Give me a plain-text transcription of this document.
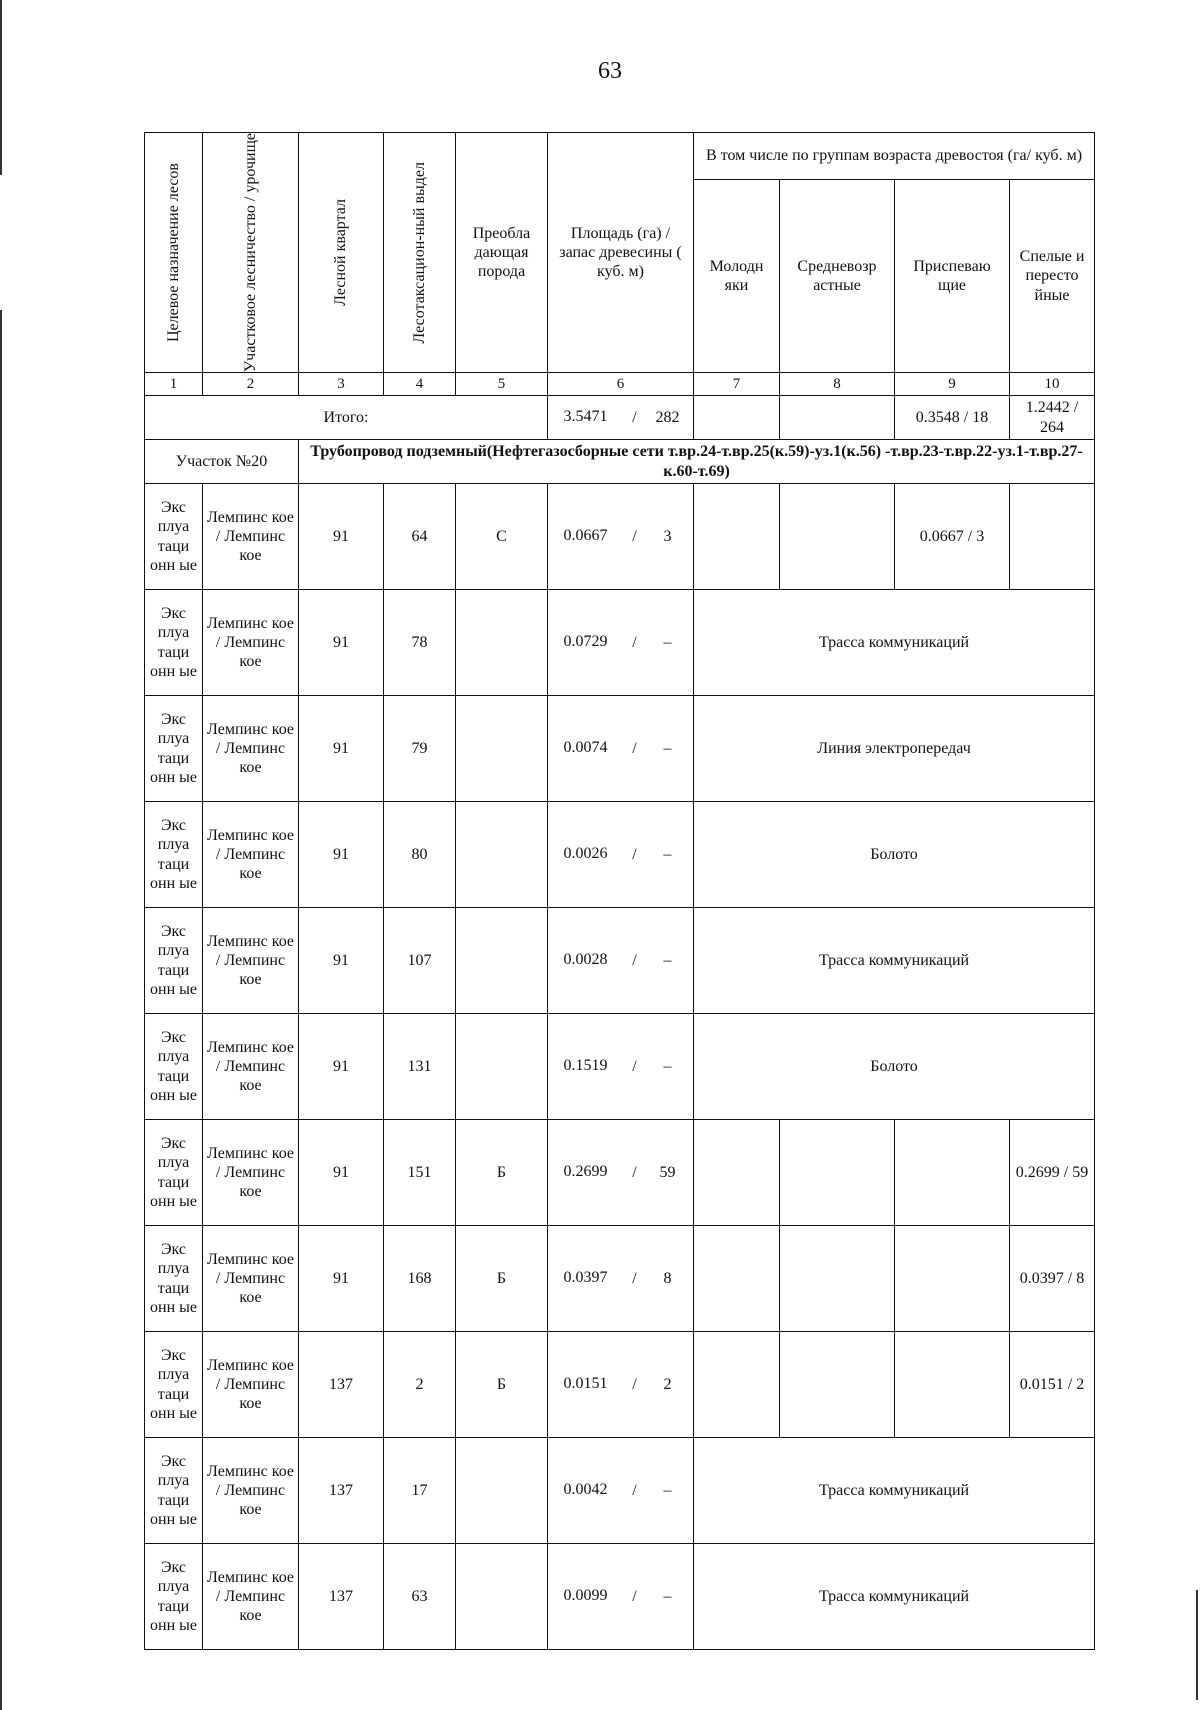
63
Целевое назначение лесов	Участковое лесничество / урочище	Лесной квартал	Лесотаксацион-ный выдел	Преобла дающая порода	Площадь (га) / запас древесины ( куб. м)	В том числе по группам возраста древостоя (га/ куб. м)			
						Молодн яки	Средневозр астные	Приспеваю щие	Спелые и пересто йные
1	2	3	4	5	6	7	8	9	10
Итого:					3.5471 / 282			0.3548 / 18	1.2442 / 264
Участок №20		Трубопровод подземный(Нефтегазосборные сети т.вр.24-т.вр.25(к.59)-уз.1(к.56) -т.вр.23-т.вр.22-уз.1-т.вр.27-к.60-т.69)							
Экс плуа таци онн ые	Лемпинс кое / Лемпинс кое	91	64	С	0.0667 / 3			0.0667 / 3	
Экс плуа таци онн ые	Лемпинс кое / Лемпинс кое	91	78		0.0729 / –	Трасса коммуникаций			
Экс плуа таци онн ые	Лемпинс кое / Лемпинс кое	91	79		0.0074 / –	Линия электропередач			
Экс плуа таци онн ые	Лемпинс кое / Лемпинс кое	91	80		0.0026 / –	Болото			
Экс плуа таци онн ые	Лемпинс кое / Лемпинс кое	91	107		0.0028 / –	Трасса коммуникаций			
Экс плуа таци онн ые	Лемпинс кое / Лемпинс кое	91	131		0.1519 / –	Болото			
Экс плуа таци онн ые	Лемпинс кое / Лемпинс кое	91	151	Б	0.2699 / 59				0.2699 / 59
Экс плуа таци онн ые	Лемпинс кое / Лемпинс кое	91	168	Б	0.0397 / 8				0.0397 / 8
Экс плуа таци онн ые	Лемпинс кое / Лемпинс кое	137	2	Б	0.0151 / 2				0.0151 / 2
Экс плуа таци онн ые	Лемпинс кое / Лемпинс кое	137	17		0.0042 / –	Трасса коммуникаций			
Экс плуа таци онн ые	Лемпинс кое / Лемпинс кое	137	63		0.0099 / –	Трасса коммуникаций			
